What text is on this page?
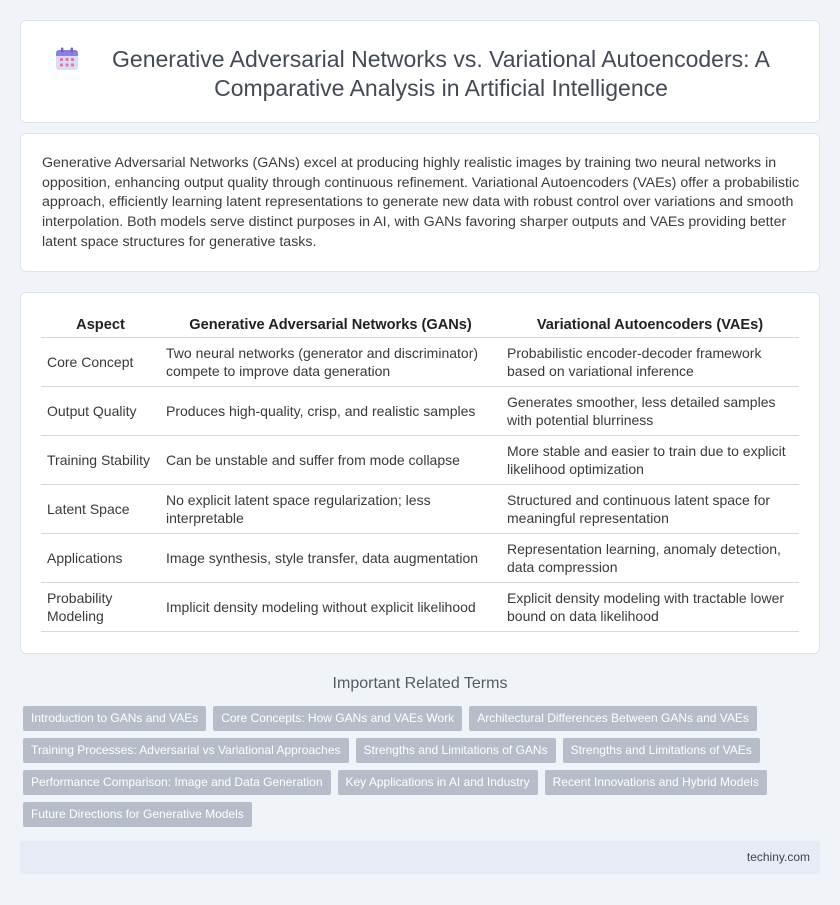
Generative Adversarial Networks vs. Variational Autoencoders: A Comparative Analysis in Artificial Intelligence

Generative Adversarial Networks (GANs) excel at producing highly realistic images by training two neural networks in opposition, enhancing output quality through continuous refinement. Variational Autoencoders (VAEs) offer a probabilistic approach, efficiently learning latent representations to generate new data with robust control over variations and smooth interpolation. Both models serve distinct purposes in AI, with GANs favoring sharper outputs and VAEs providing better latent space structures for generative tasks.

Aspect	Generative Adversarial Networks (GANs)	Variational Autoencoders (VAEs)
Core Concept	Two neural networks (generator and discriminator) compete to improve data generation	Probabilistic encoder-decoder framework based on variational inference
Output Quality	Produces high-quality, crisp, and realistic samples	Generates smoother, less detailed samples with potential blurriness
Training Stability	Can be unstable and suffer from mode collapse	More stable and easier to train due to explicit likelihood optimization
Latent Space	No explicit latent space regularization; less interpretable	Structured and continuous latent space for meaningful representation
Applications	Image synthesis, style transfer, data augmentation	Representation learning, anomaly detection, data compression
Probability Modeling	Implicit density modeling without explicit likelihood	Explicit density modeling with tractable lower bound on data likelihood
Important Related Terms
Introduction to GANs and VAEs	Core Concepts: How GANs and VAEs Work	Architectural Differences Between GANs and VAEs
Training Processes: Adversarial vs Variational Approaches	Strengths and Limitations of GANs	Strengths and Limitations of VAEs
Performance Comparison: Image and Data Generation	Key Applications in AI and Industry	Recent Innovations and Hybrid Models
Future Directions for Generative Models
techiny.com
